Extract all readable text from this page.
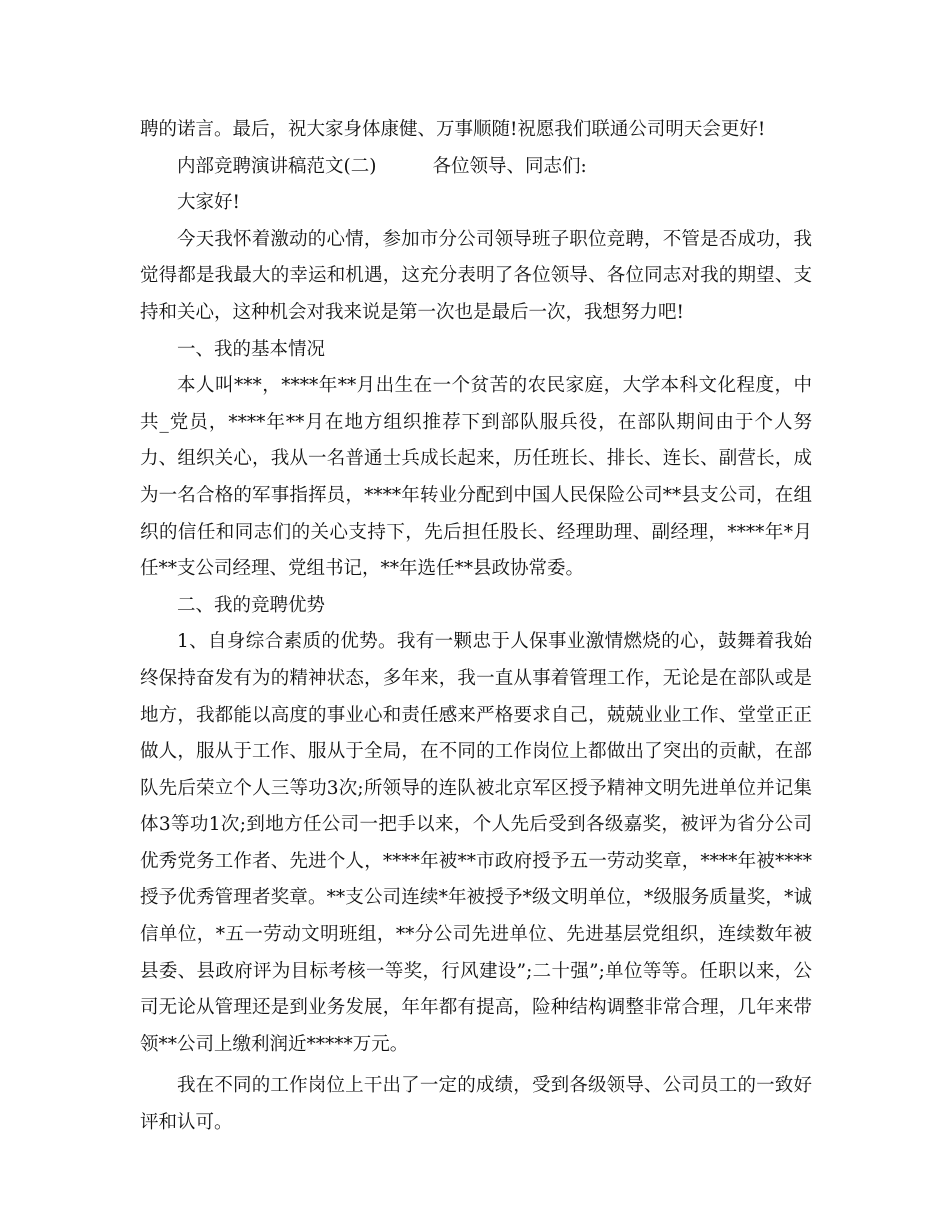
聘的诺言。最后，祝大家身体康健、万事顺随!祝愿我们联通公司明天会更好!

内部竞聘演讲稿范文(二)	各位领导、同志们:

大家好!

今天我怀着激动的心情，参加市分公司领导班子职位竞聘，不管是否成功，我觉得都是我最大的幸运和机遇，这充分表明了各位领导、各位同志对我的期望、支持和关心，这种机会对我来说是第一次也是最后一次，我想努力吧!

一、我的基本情况

本人叫***，****年**月出生在一个贫苦的农民家庭，大学本科文化程度，中共_党员，****年**月在地方组织推荐下到部队服兵役，在部队期间由于个人努力、组织关心，我从一名普通士兵成长起来，历任班长、排长、连长、副营长，成为一名合格的军事指挥员，****年转业分配到中国人民保险公司**县支公司，在组织的信任和同志们的关心支持下，先后担任股长、经理助理、副经理，****年*月任**支公司经理、党组书记，**年选任**县政协常委。

二、我的竞聘优势

1、自身综合素质的优势。我有一颗忠于人保事业激情燃烧的心，鼓舞着我始终保持奋发有为的精神状态，多年来，我一直从事着管理工作，无论是在部队或是地方，我都能以高度的事业心和责任感来严格要求自己，兢兢业业工作、堂堂正正做人，服从于工作、服从于全局，在不同的工作岗位上都做出了突出的贡献，在部队先后荣立个人三等功3次;所领导的连队被北京军区授予精神文明先进单位并记集体3等功1次;到地方任公司一把手以来，个人先后受到各级嘉奖，被评为省分公司优秀党务工作者、先进个人，****年被**市政府授予五一劳动奖章，****年被****授予优秀管理者奖章。**支公司连续*年被授予*级文明单位，*级服务质量奖，*诚信单位，*五一劳动文明班组，**分公司先进单位、先进基层党组织，连续数年被县委、县政府评为目标考核一等奖，行风建设”;二十强”;单位等等。任职以来，公司无论从管理还是到业务发展，年年都有提高，险种结构调整非常合理，几年来带领**公司上缴利润近*****万元。

我在不同的工作岗位上干出了一定的成绩，受到各级领导、公司员工的一致好评和认可。
